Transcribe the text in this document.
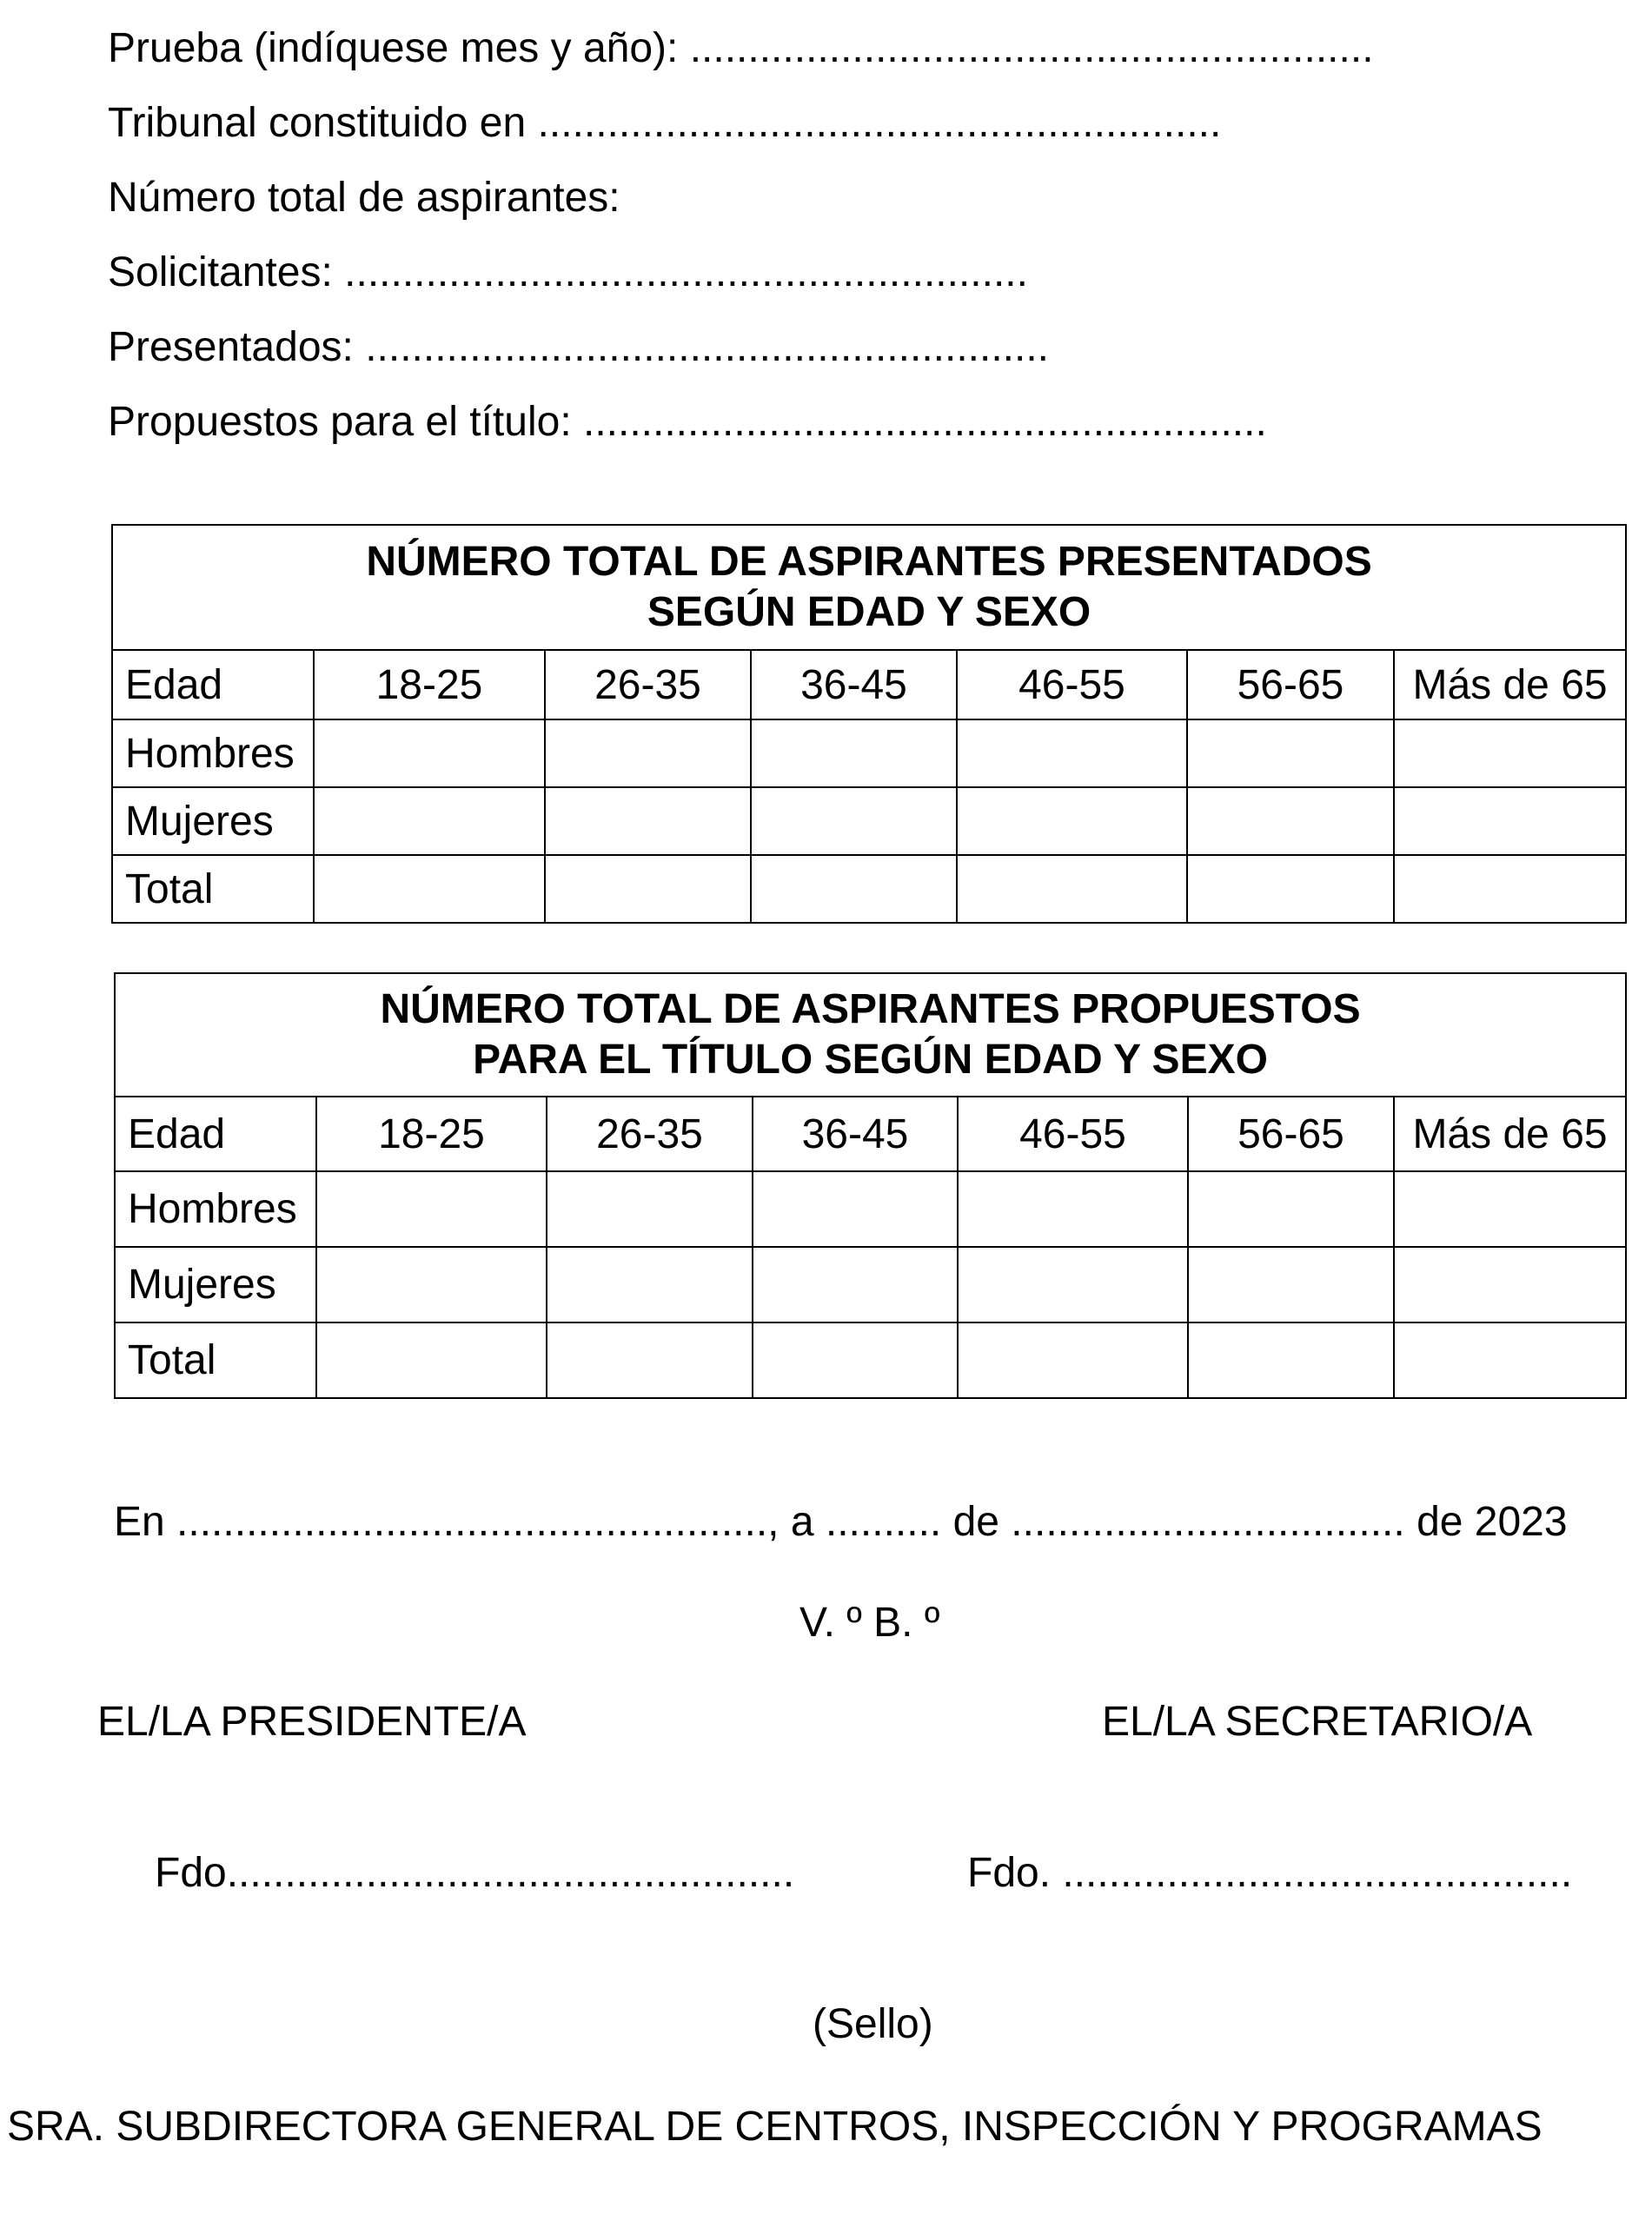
Prueba (indíquese mes y año): ...........................................................
Tribunal constituido en ...........................................................
Número total de aspirantes:
Solicitantes: ...........................................................
Presentados: ...........................................................
Propuestos para el título: ...........................................................
NÚMERO TOTAL DE ASPIRANTES PRESENTADOS
SEGÚN EDAD Y SEXO						

Edad	18-25	26-35	36-45	46-55	56-65	Más de 65
Hombres						
Mujeres						
Total						
NÚMERO TOTAL DE ASPIRANTES PROPUESTOS
PARA EL TÍTULO SEGÚN EDAD Y SEXO						

Edad	18-25	26-35	36-45	46-55	56-65	Más de 65
Hombres						
Mujeres						
Total						
En ..................................................., a .......... de .................................. de 2023
V. º B. º
EL/LA PRESIDENTE/A	EL/LA SECRETARIO/A
Fdo.................................................	Fdo. ............................................
(Sello)
SRA. SUBDIRECTORA GENERAL DE CENTROS, INSPECCIÓN Y PROGRAMAS
